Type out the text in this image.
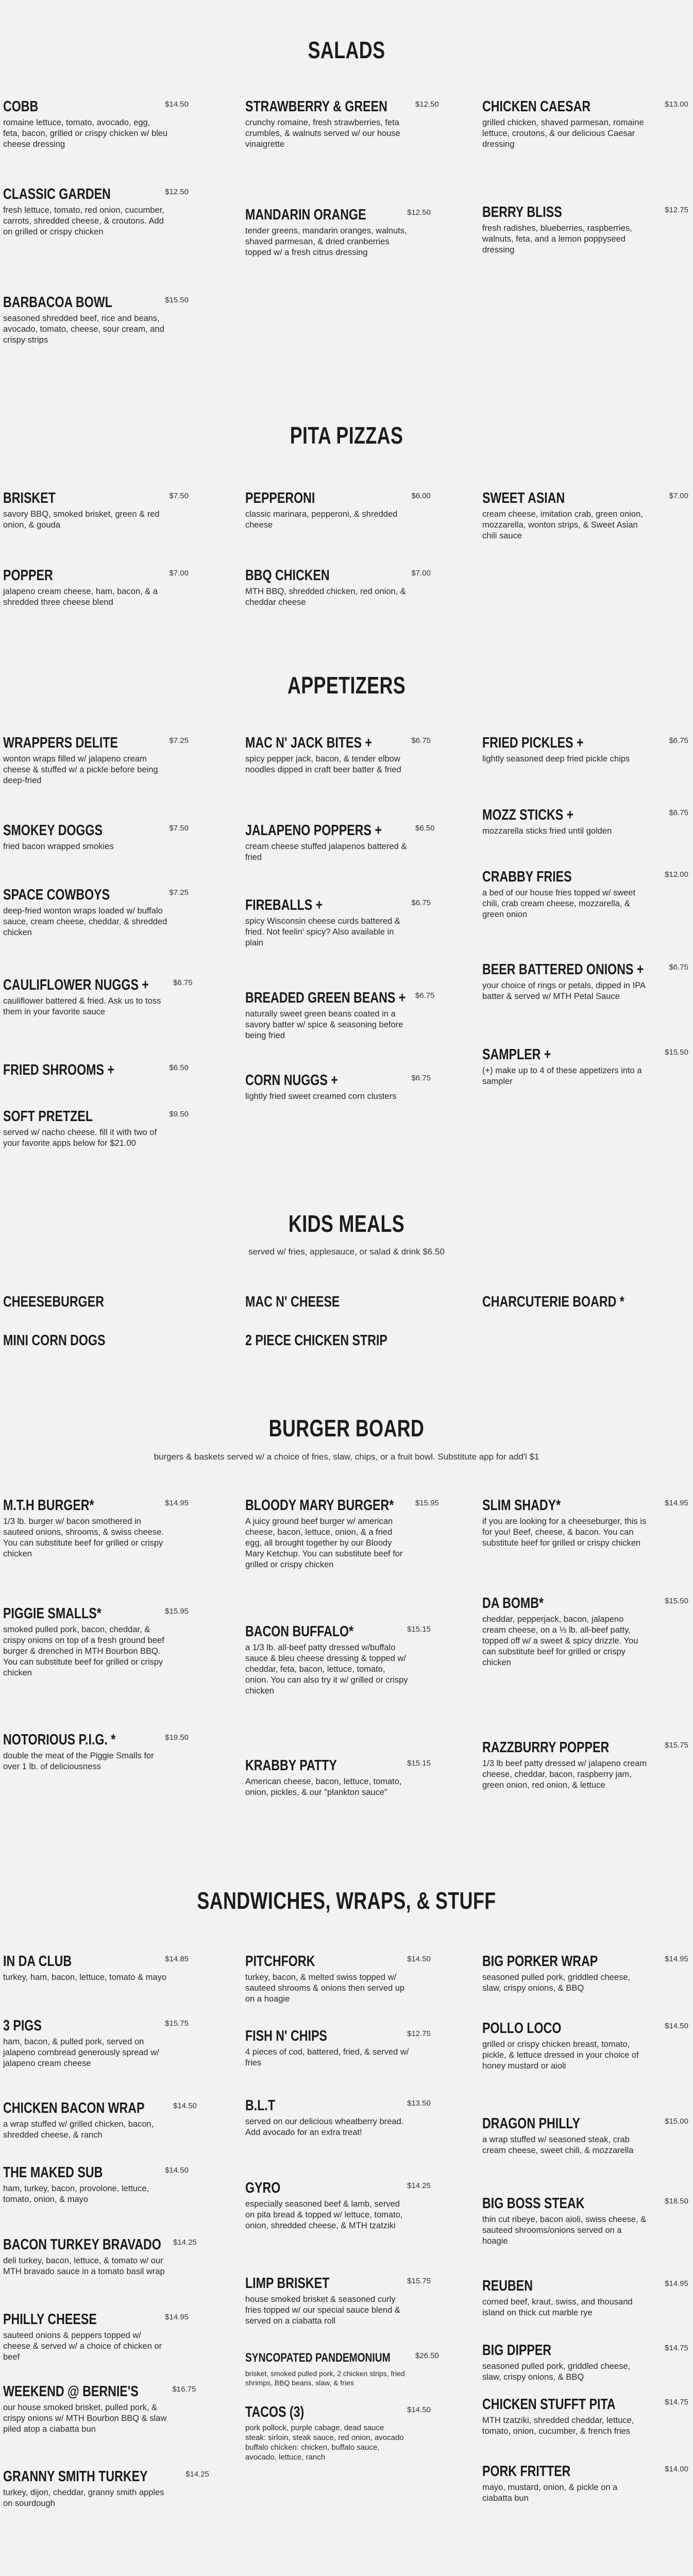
SALADS
COBB	$14.50
romaine lettuce, tomato, avocado, egg, feta, bacon, grilled or crispy chicken w/ bleu cheese dressing
STRAWBERRY & GREEN	$12.50
crunchy romaine, fresh strawberries, feta crumbles, & walnuts served w/ our house vinaigrette
CHICKEN CAESAR	$13.00
grilled chicken, shaved parmesan, romaine lettuce, croutons, & our delicious Caesar dressing
CLASSIC GARDEN	$12.50
fresh lettuce, tomato, red onion, cucumber, carrots, shredded cheese, & croutons. Add on grilled or crispy chicken
MANDARIN ORANGE	$12.50
tender greens, mandarin oranges, walnuts, shaved parmesan, & dried cranberries topped w/ a fresh citrus dressing
BERRY BLISS	$12.75
fresh radishes, blueberries, raspberries, walnuts, feta, and a lemon poppyseed dressing
BARBACOA BOWL	$15.50
seasoned shredded beef, rice and beans, avocado, tomato, cheese, sour cream, and crispy strips
PITA PIZZAS
BRISKET	$7.50
savory BBQ, smoked brisket, green & red onion, & gouda
PEPPERONI	$6.00
classic marinara, pepperoni, & shredded cheese
SWEET ASIAN	$7.00
cream cheese, imitation crab, green onion, mozzarella, wonton strips, & Sweet Asian chili sauce
POPPER	$7.00
jalapeno cream cheese, ham, bacon, & a shredded three cheese blend
BBQ CHICKEN	$7.00
MTH BBQ, shredded chicken, red onion, & cheddar cheese
APPETIZERS
WRAPPERS DELITE	$7.25
wonton wraps filled w/ jalapeno cream cheese & stuffed w/ a pickle before being deep-fried
MAC N' JACK BITES +	$6.75
spicy pepper jack, bacon, & tender elbow noodles dipped in craft beer batter & fried
FRIED PICKLES +	$6.75
lightly seasoned deep fried pickle chips
SMOKEY DOGGS	$7.50
fried bacon wrapped smokies
JALAPENO POPPERS +	$6.50
cream cheese stuffed jalapenos battered & fried
MOZZ STICKS +	$6.75
mozzarella sticks fried until golden
SPACE COWBOYS	$7.25
deep-fried wonton wraps loaded w/ buffalo sauce, cream cheese, cheddar, & shredded chicken
FIREBALLS +	$6.75
spicy Wisconsin cheese curds battered & fried. Not feelin' spicy? Also available in plain
CRABBY FRIES	$12.00
a bed of our house fries topped w/ sweet chili, crab cream cheese, mozzarella, & green onion
CAULIFLOWER NUGGS +	$6.75
cauliflower battered & fried. Ask us to toss them in your favorite sauce
BREADED GREEN BEANS + $6.75
naturally sweet green beans coated in a savory batter w/ spice & seasoning before being fried
BEER BATTERED ONIONS +	$6.75
your choice of rings or petals, dipped in IPA batter & served w/ MTH Petal Sauce
FRIED SHROOMS +	$6.50
CORN NUGGS +	$6.75
lightly fried sweet creamed corn clusters
SAMPLER +	$15.50
(+) make up to 4 of these appetizers into a sampler
SOFT PRETZEL	$9.50
served w/ nacho cheese. fill it with two of your favorite apps below for $21.00
KIDS MEALS
served w/ fries, applesauce, or salad & drink $6.50
CHEESEBURGER	MAC N' CHEESE	CHARCUTERIE BOARD *
MINI CORN DOGS	2 PIECE CHICKEN STRIP
BURGER BOARD
burgers & baskets served w/ a choice of fries, slaw, chips, or a fruit bowl. Substitute app for add'l $1
M.T.H BURGER*	$14.95
1/3 lb. burger w/ bacon smothered in sauteed onions, shrooms, & swiss cheese. You can substitute beef for grilled or crispy chicken
BLOODY MARY BURGER*	$15.95
A juicy ground beef burger w/ american cheese, bacon, lettuce, onion, & a fried egg, all brought together by our Bloody Mary Ketchup. You can substitute beef for grilled or crispy chicken
SLIM SHADY*	$14.95
if you are looking for a cheeseburger, this is for you! Beef, cheese, & bacon. You can substitute beef for grilled or crispy chicken
PIGGIE SMALLS*	$15.95
smoked pulled pork, bacon, cheddar, & crispy onions on top of a fresh ground beef burger & drenched in MTH Bourbon BBQ. You can substitute beef for grilled or crispy chicken
BACON BUFFALO*	$15.15
a 1/3 lb. all-beef patty dressed w/buffalo sauce & bleu cheese dressing & topped w/ cheddar, feta, bacon, lettuce, tomato, onion. You can also try it w/ grilled or crispy chicken
DA BOMB*	$15.50
cheddar, pepperjack, bacon, jalapeno cream cheese, on a ⅓ lb. all-beef patty, topped off w/ a sweet & spicy drizzle. You can substitute beef for grilled or crispy chicken
NOTORIOUS P.I.G. *	$19.50
double the meat of the Piggie Smalls for over 1 lb. of deliciousness	KRABBY PATTY	$15.15
American cheese, bacon, lettuce, tomato, onion, pickles, & our "plankton sauce"
RAZZBURRY POPPER	$15.75
1/3 lb beef patty dressed w/ jalapeno cream cheese, cheddar, bacon, raspberry jam, green onion, red onion, & lettuce
SANDWICHES, WRAPS, & STUFF
IN DA CLUB	$14.85
turkey, ham, bacon, lettuce, tomato & mayo
PITCHFORK	$14.50
turkey, bacon, & melted swiss topped w/ sauteed shrooms & onions then served up on a hoagie
BIG PORKER WRAP	$14.95
seasoned pulled pork, griddled cheese, slaw, crispy onions, & BBQ
3 PIGS	$15.75
ham, bacon, & pulled pork, served on jalapeno cornbread generously spread w/ jalapeno cream cheese
FISH N' CHIPS	$12.75
4 pieces of cod, battered, fried, & served w/ fries
POLLO LOCO	$14.50
grilled or crispy chicken breast, tomato, pickle, & lettuce dressed in your choice of honey mustard or aioli
CHICKEN BACON WRAP	$14.50
a wrap stuffed w/ grilled chicken, bacon, shredded cheese, & ranch
B.L.T	$13.50
served on our delicious wheatberry bread. Add avocado for an extra treat!
DRAGON PHILLY	$15.00
a wrap stuffed w/ seasoned steak, crab cream cheese, sweet chili, & mozzarella
THE MAKED SUB	$14.50
ham, turkey, bacon, provolone, lettuce, tomato, onion, & mayo
GYRO	$14.25
especially seasoned beef & lamb, served on pita bread & topped w/ lettuce, tomato, onion, shredded cheese, & MTH tzatziki
BIG BOSS STEAK	$18.50
thin cut ribeye, bacon aioli, swiss cheese, & sauteed shrooms/onions served on a hoagie
BACON TURKEY BRAVADO $14.25
deli turkey, bacon, lettuce, & tomato w/ our MTH bravado sauce in a tomato basil wrap
REUBEN	$14.95
corned beef, kraut, swiss, and thousand island on thick cut marble rye
LIMP BRISKET	$15.75
house smoked brisket & seasoned curly fries topped w/ our special sauce blend & served on a ciabatta roll
PHILLY CHEESE	$14.95
sauteed onions & peppers topped w/ cheese & served w/ a choice of chicken or beef	BIG DIPPER	$14.75
seasoned pulled pork, griddled cheese, slaw, crispy onions, & BBQ
SYNCOPATED PANDEMONIUM	$26.50
brisket, smoked pulled pork, 2 chicken strips, fried shrimps, BBQ beans, slaw, & fries
WEEKEND @ BERNIE'S	$16.75
our house smoked brisket, pulled pork, & crispy onions w/ MTH Bourbon BBQ & slaw piled atop a ciabatta bun
CHICKEN STUFFT PITA	$14.75
MTH tzatziki, shredded cheddar, lettuce, tomato, onion, cucumber, & french fries
TACOS (3)	$14.50
pork pollock, purple cabage, dead sauce
steak: sirloin, steak sauce, red onion, avocado
buffalo chicken: chicken, buffalo sauce, avocado, lettuce, ranch
GRANNY SMITH TURKEY	$14.25
turkey, dijon, cheddar, granny smith apples on sourdough
PORK FRITTER	$14.00
mayo, mustard, onion, & pickle on a ciabatta bun
